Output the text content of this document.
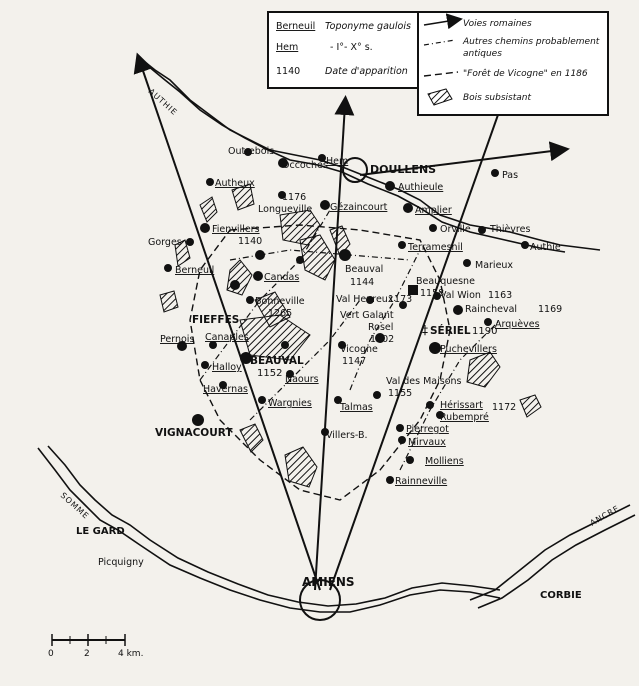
‡
Occoches
Outrebois
Hem
Authieule
Pas
Autheux
Amplier
Orville Thièvres
Authie
Marieux
Terramesnil
Gézaincourt
Longueville
1176
Fienvillers
1140
Gorges
Berneuil
Candas
Beauval
1144	Beauquesne
1158
Val Wion 1163
Raincheval 1169
Arquèves
Val Heureux
1173
Bonneville
1265	Vert Galant
Rosel
1202
Pernois Canaples
Halloy
Vicogne
1147
Puchevillers
Havernas
Naours
Wargnies
Val des Maisons
1155
Talmas	Hérissart 1172
Rubempré
Villers-B.
Pierregot
Mirvaux
Molliens
Rainneville
Picquigny
DOULLENS
AMIENS
CORBIE
LE GARD
FIEFFES
VIGNACOURT
BEAUVAL
1152
SÉRIEL 1190
AUTHIE
SOMME	ANCRE
0	2	4 km.
Berneuil Toponyme gaulois
Hem	- I°- X° s.
1140	Date d'apparition
Voies romaines
Autres chemins probablement
antiques
"Forêt de Vicogne" en 1186
Bois subsistant
